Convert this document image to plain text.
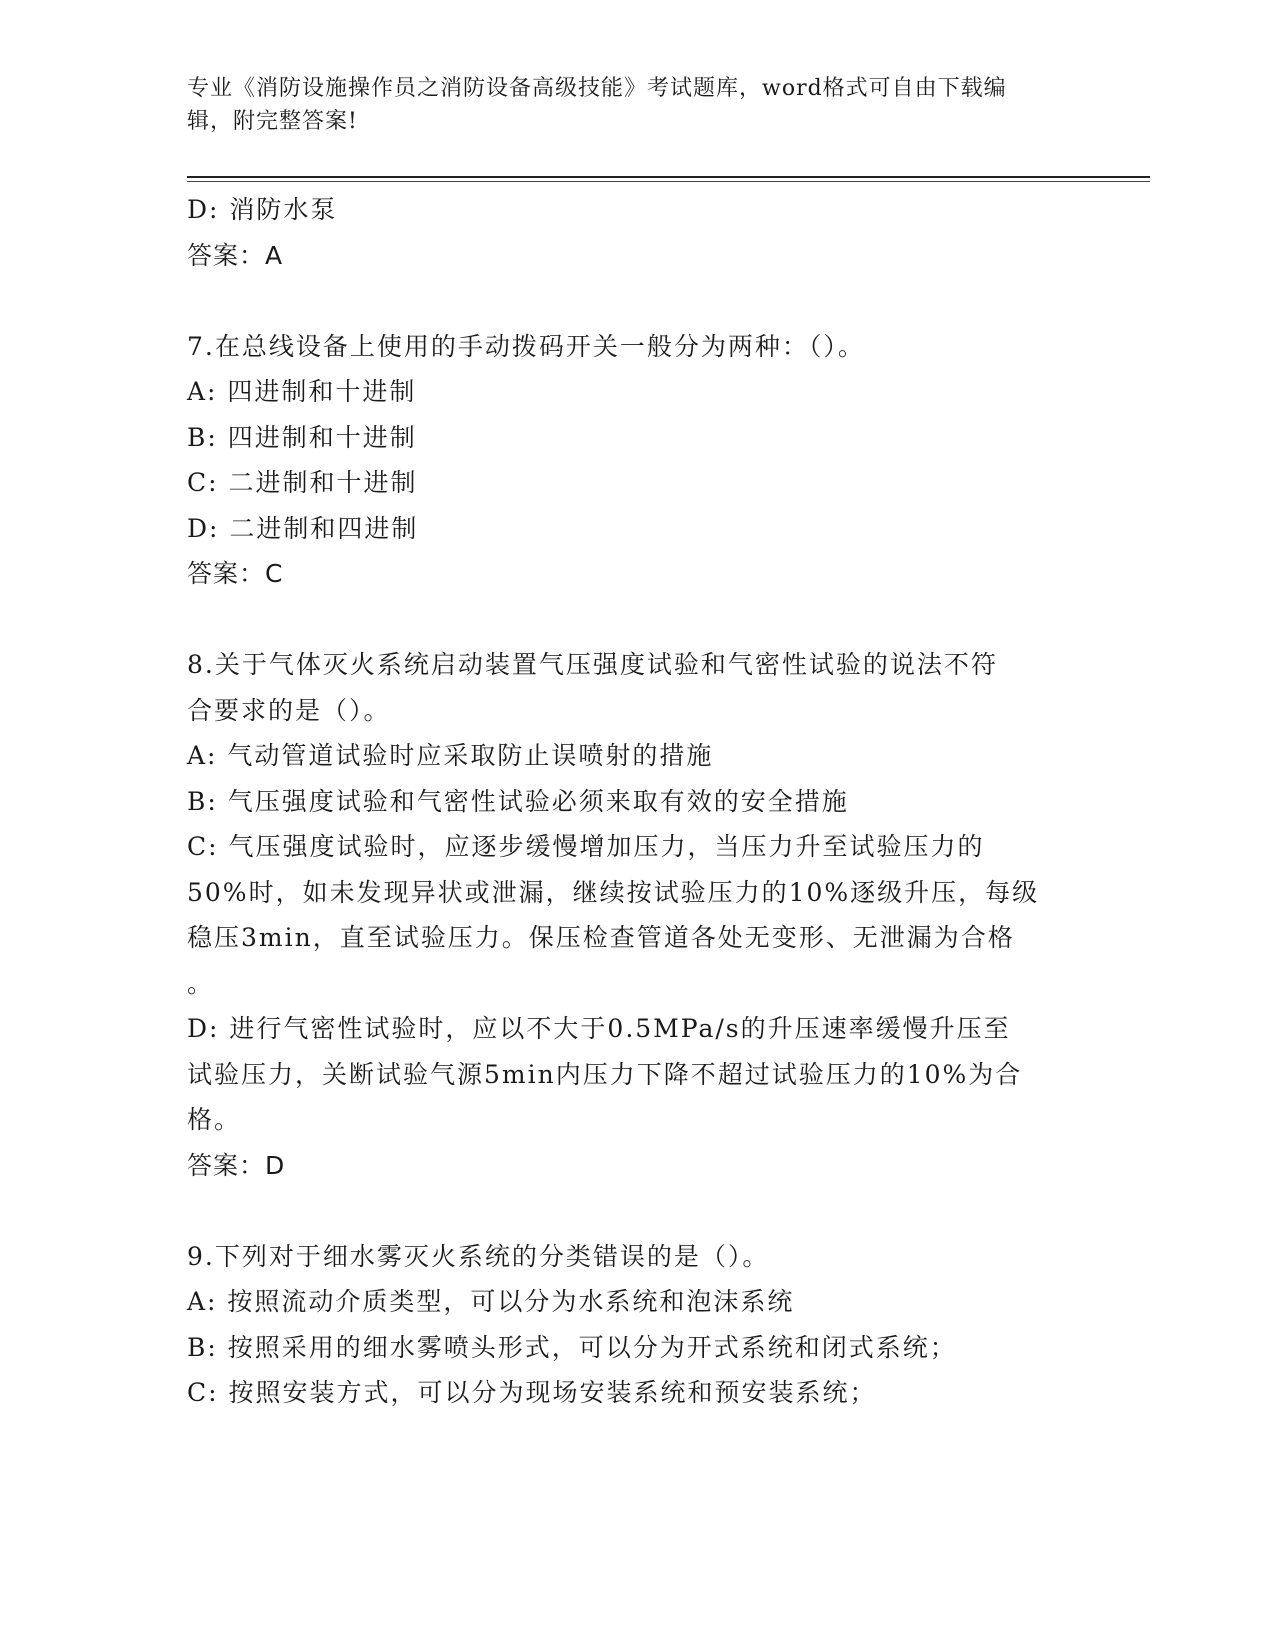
专业《消防设施操作员之消防设备高级技能》考试题库，word格式可自由下载编
辑，附完整答案!
D: 消防水泵
答案：A
7.在总线设备上使用的手动拨码开关一般分为两种：（）。
A: 四进制和十进制
B: 四进制和十进制
C: 二进制和十进制
D: 二进制和四进制
答案：C
8.关于气体灭火系统启动装置气压强度试验和气密性试验的说法不符
合要求的是（）。
A: 气动管道试验时应采取防止误喷射的措施
B: 气压强度试验和气密性试验必须来取有效的安全措施
C: 气压强度试验时，应逐步缓慢增加压力，当压力升至试验压力的
50%时，如未发现异状或泄漏，继续按试验压力的10%逐级升压，每级
稳压3min，直至试验压力。保压检查管道各处无变形、无泄漏为合格
。
D: 进行气密性试验时，应以不大于0.5MPa/s的升压速率缓慢升压至
试验压力，关断试验气源5min内压力下降不超过试验压力的10%为合
格。
答案：D
9.下列对于细水雾灭火系统的分类错误的是（）。
A: 按照流动介质类型，可以分为水系统和泡沫系统
B: 按照采用的细水雾喷头形式，可以分为开式系统和闭式系统；
C: 按照安装方式，可以分为现场安装系统和预安装系统；
